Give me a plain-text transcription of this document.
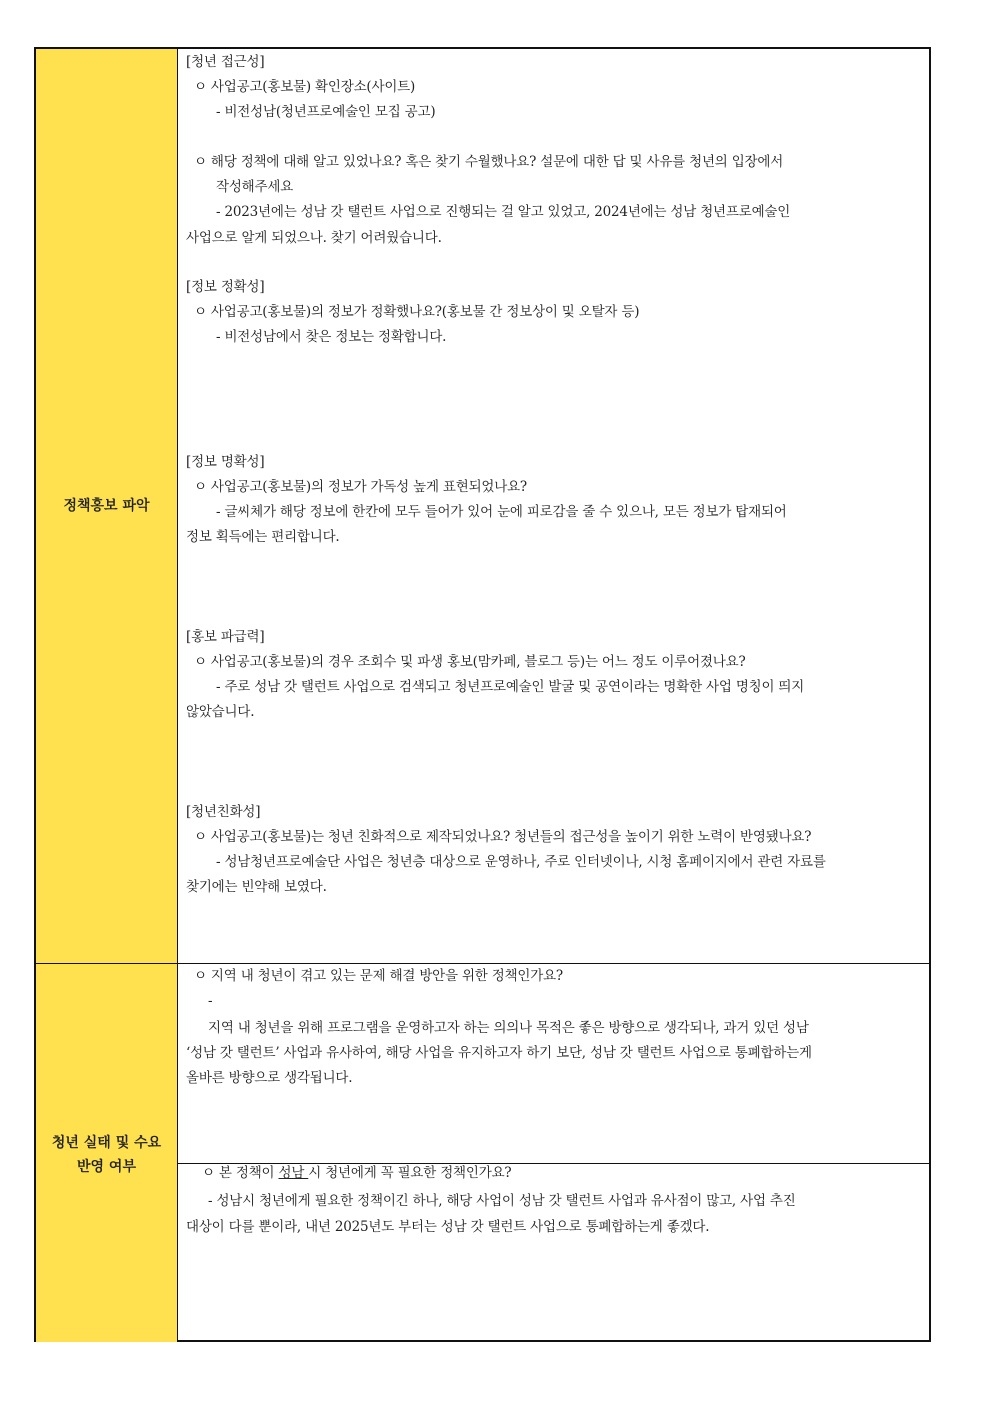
정책홍보 파악
[청년 접근성]
ㅇ 사업공고(홍보물) 확인장소(사이트)
- 비전성남(청년프로예술인 모집 공고)
ㅇ 해당 정책에 대해 알고 있었나요? 혹은 찾기 수월했나요? 설문에 대한 답 및 사유를 청년의 입장에서
작성해주세요
- 2023년에는 성남 갓 탤런트 사업으로 진행되는 걸 알고 있었고, 2024년에는 성남 청년프로예술인
사업으로 알게 되었으나. 찾기 어려웠습니다.
[정보 정확성]
ㅇ 사업공고(홍보물)의 정보가 정확했나요?(홍보물 간 정보상이 및 오탈자 등)
- 비전성남에서 찾은 정보는 정확합니다.
[정보 명확성]
ㅇ 사업공고(홍보물)의 정보가 가독성 높게 표현되었나요?
- 글씨체가 해당 정보에 한칸에 모두 들어가 있어 눈에 피로감을 줄 수 있으나, 모든 정보가 탑재되어
정보 획득에는 편리합니다.
[홍보 파급력]
ㅇ 사업공고(홍보물)의 경우 조회수 및 파생 홍보(맘카페, 블로그 등)는 어느 정도 이루어졌나요?
- 주로 성남 갓 탤런트 사업으로 검색되고 청년프로예술인 발굴 및 공연이라는 명확한 사업 명칭이 띄지
않았습니다.
[청년친화성]
ㅇ 사업공고(홍보물)는 청년 친화적으로 제작되었나요? 청년들의 접근성을 높이기 위한 노력이 반영됐나요?
- 성남청년프로예술단 사업은 청년층 대상으로 운영하나, 주로 인터넷이나, 시청 홈페이지에서 관련 자료를
찾기에는 빈약해 보였다.
청년 실태 및 수요
반영 여부
ㅇ 지역 내 청년이 겪고 있는 문제 해결 방안을 위한 정책인가요?
-
지역 내 청년을 위해 프로그램을 운영하고자 하는 의의나 목적은 좋은 방향으로 생각되나, 과거 있던 성남
‘성남 갓 탤런트’ 사업과 유사하여, 해당 사업을 유지하고자 하기 보단, 성남 갓 탤런트 사업으로 통폐합하는게
올바른 방향으로 생각됩니다.
ㅇ 본 정책이 성남 시 청년에게 꼭 필요한 정책인가요?
- 성남시 청년에게 필요한 정책이긴 하나, 해당 사업이 성남 갓 탤런트 사업과 유사점이 많고, 사업 추진
대상이 다를 뿐이라, 내년 2025년도 부터는 성남 갓 탤런트 사업으로 통폐합하는게 좋겠다.
